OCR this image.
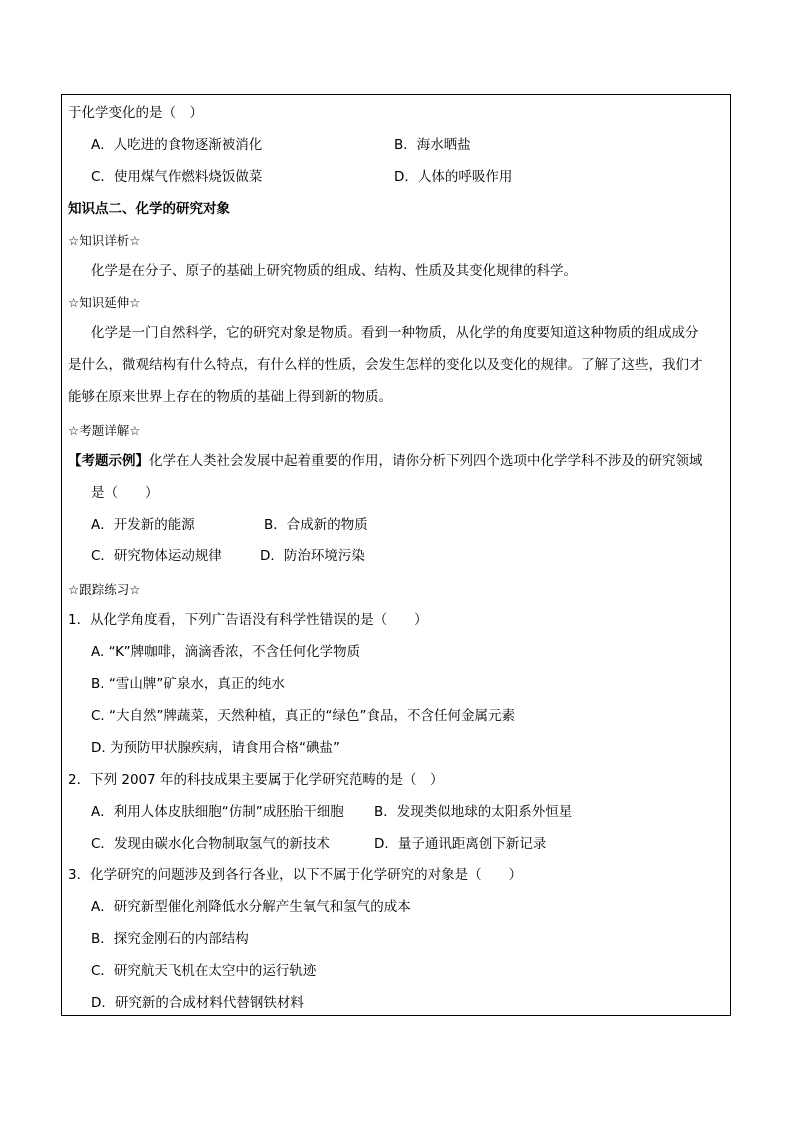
于化学变化的是（　）
A．人吃进的食物逐渐被消化	B．海水晒盐
C．使用煤气作燃料烧饭做菜	D．人体的呼吸作用
知识点二、化学的研究对象
☆知识详析☆
化学是在分子、原子的基础上研究物质的组成、结构、性质及其变化规律的科学。
☆知识延伸☆
化学是一门自然科学，它的研究对象是物质。看到一种物质，从化学的角度要知道这种物质的组成成分
是什么，微观结构有什么特点，有什么样的性质，会发生怎样的变化以及变化的规律。了解了这些，我们才
能够在原来世界上存在的物质的基础上得到新的物质。
☆考题详解☆
【考题示例】化学在人类社会发展中起着重要的作用，请你分析下列四个选项中化学学科不涉及的研究领域
是（　　）
A．开发新的能源	B．合成新的物质
C．研究物体运动规律	D．防治环境污染
☆跟踪练习☆
1．从化学角度看，下列广告语没有科学性错误的是（　　）
A. “K”牌咖啡，滴滴香浓，不含任何化学物质
B. “雪山牌”矿泉水，真正的纯水
C. “大自然”牌蔬菜，天然种植，真正的“绿色”食品，不含任何金属元素
D. 为预防甲状腺疾病，请食用合格“碘盐”
2．下列 2007 年的科技成果主要属于化学研究范畴的是（　）
A．利用人体皮肤细胞“仿制”成胚胎干细胞 B．发现类似地球的太阳系外恒星
C．发现由碳水化合物制取氢气的新技术	D．量子通讯距离创下新记录
3．化学研究的问题涉及到各行各业，以下不属于化学研究的对象是（　　）
A．研究新型催化剂降低水分解产生氧气和氢气的成本
B．探究金刚石的内部结构
C．研究航天飞机在太空中的运行轨迹
D．研究新的合成材料代替钢铁材料
